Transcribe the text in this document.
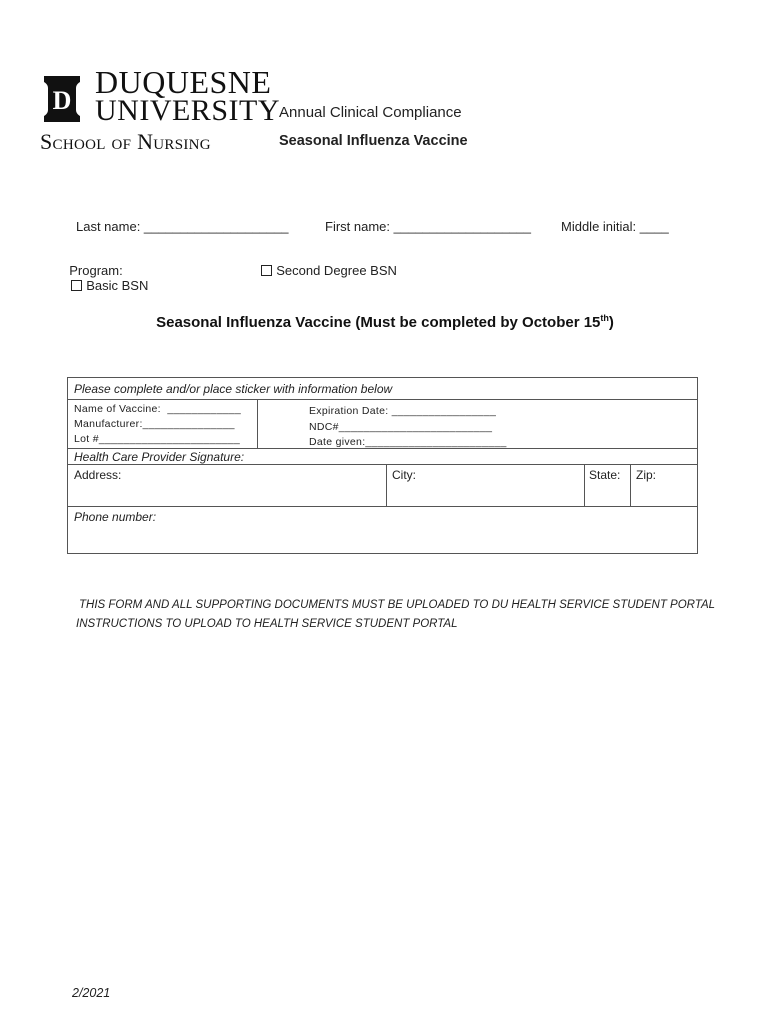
D
DUQUESNE
UNIVERSITY
School of Nursing
Annual Clinical Compliance
Seasonal Influenza Vaccine
Last name: ____________________	First name: ___________________ Middle initial: ____

Program:
Basic BSN

Second Degree BSN

Seasonal Influenza Vaccine (Must be completed by October 15th)
Please complete and/or place sticker with information below
Name of Vaccine:  ____________
Manufacturer:_______________
Lot #_______________________
Expiration Date: _________________
NDC#_________________________
Date given:_______________________
Health Care Provider Signature:
Address:	City:	State: Zip:
Phone number:
THIS FORM AND ALL SUPPORTING DOCUMENTS MUST BE UPLOADED TO DU HEALTH SERVICE STUDENT PORTAL
INSTRUCTIONS TO UPLOAD TO HEALTH SERVICE STUDENT PORTAL
2/2021
